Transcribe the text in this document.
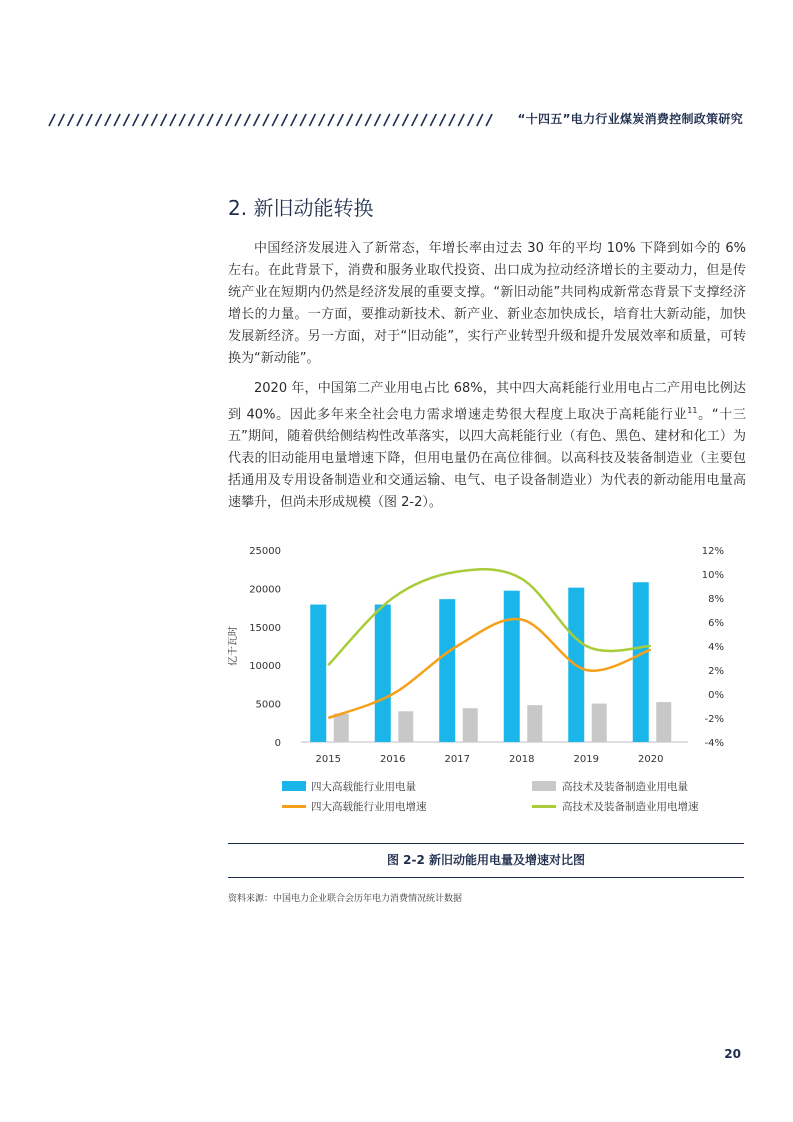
“十四五”电力行业煤炭消费控制政策研究
2. 新旧动能转换

中国经济发展进入了新常态，年增长率由过去 30 年的平均 10% 下降到如今的 6% 左右。在此背景下，消费和服务业取代投资、出口成为拉动经济增长的主要动力，但是传统产业在短期内仍然是经济发展的重要支撑。“新旧动能”共同构成新常态背景下支撑经济增长的力量。一方面，要推动新技术、新产业、新业态加快成长，培育壮大新动能，加快发展新经济。另一方面，对于“旧动能”，实行产业转型升级和提升发展效率和质量，可转换为“新动能”。

2020 年，中国第二产业用电占比 68%，其中四大高耗能行业用电占二产用电比例达到 40%。因此多年来全社会电力需求增速走势很大程度上取决于高耗能行业$^{11}$。“十三五”期间，随着供给侧结构性改革落实，以四大高耗能行业（有色、黑色、建材和化工）为代表的旧动能用电量增速下降，但用电量仍在高位徘徊。以高科技及装备制造业（主要包括通用及专用设备制造业和交通运输、电气、电子设备制造业）为代表的新动能用电量高速攀升，但尚未形成规模（图 2-2）。

25000
20000
15000
10000
5000
0
12%
10%
8%
6%
4%
2%
0%
-2%
-4%
亿千瓦时
2015	2016	2017	2018	2019	2020
四大高载能行业用电量	高技术及装备制造业用电量
四大高载能行业用电增速	高技术及装备制造业用电增速
图 2-2 新旧动能用电量及增速对比图
资料来源：中国电力企业联合会历年电力消费情况统计数据
20
